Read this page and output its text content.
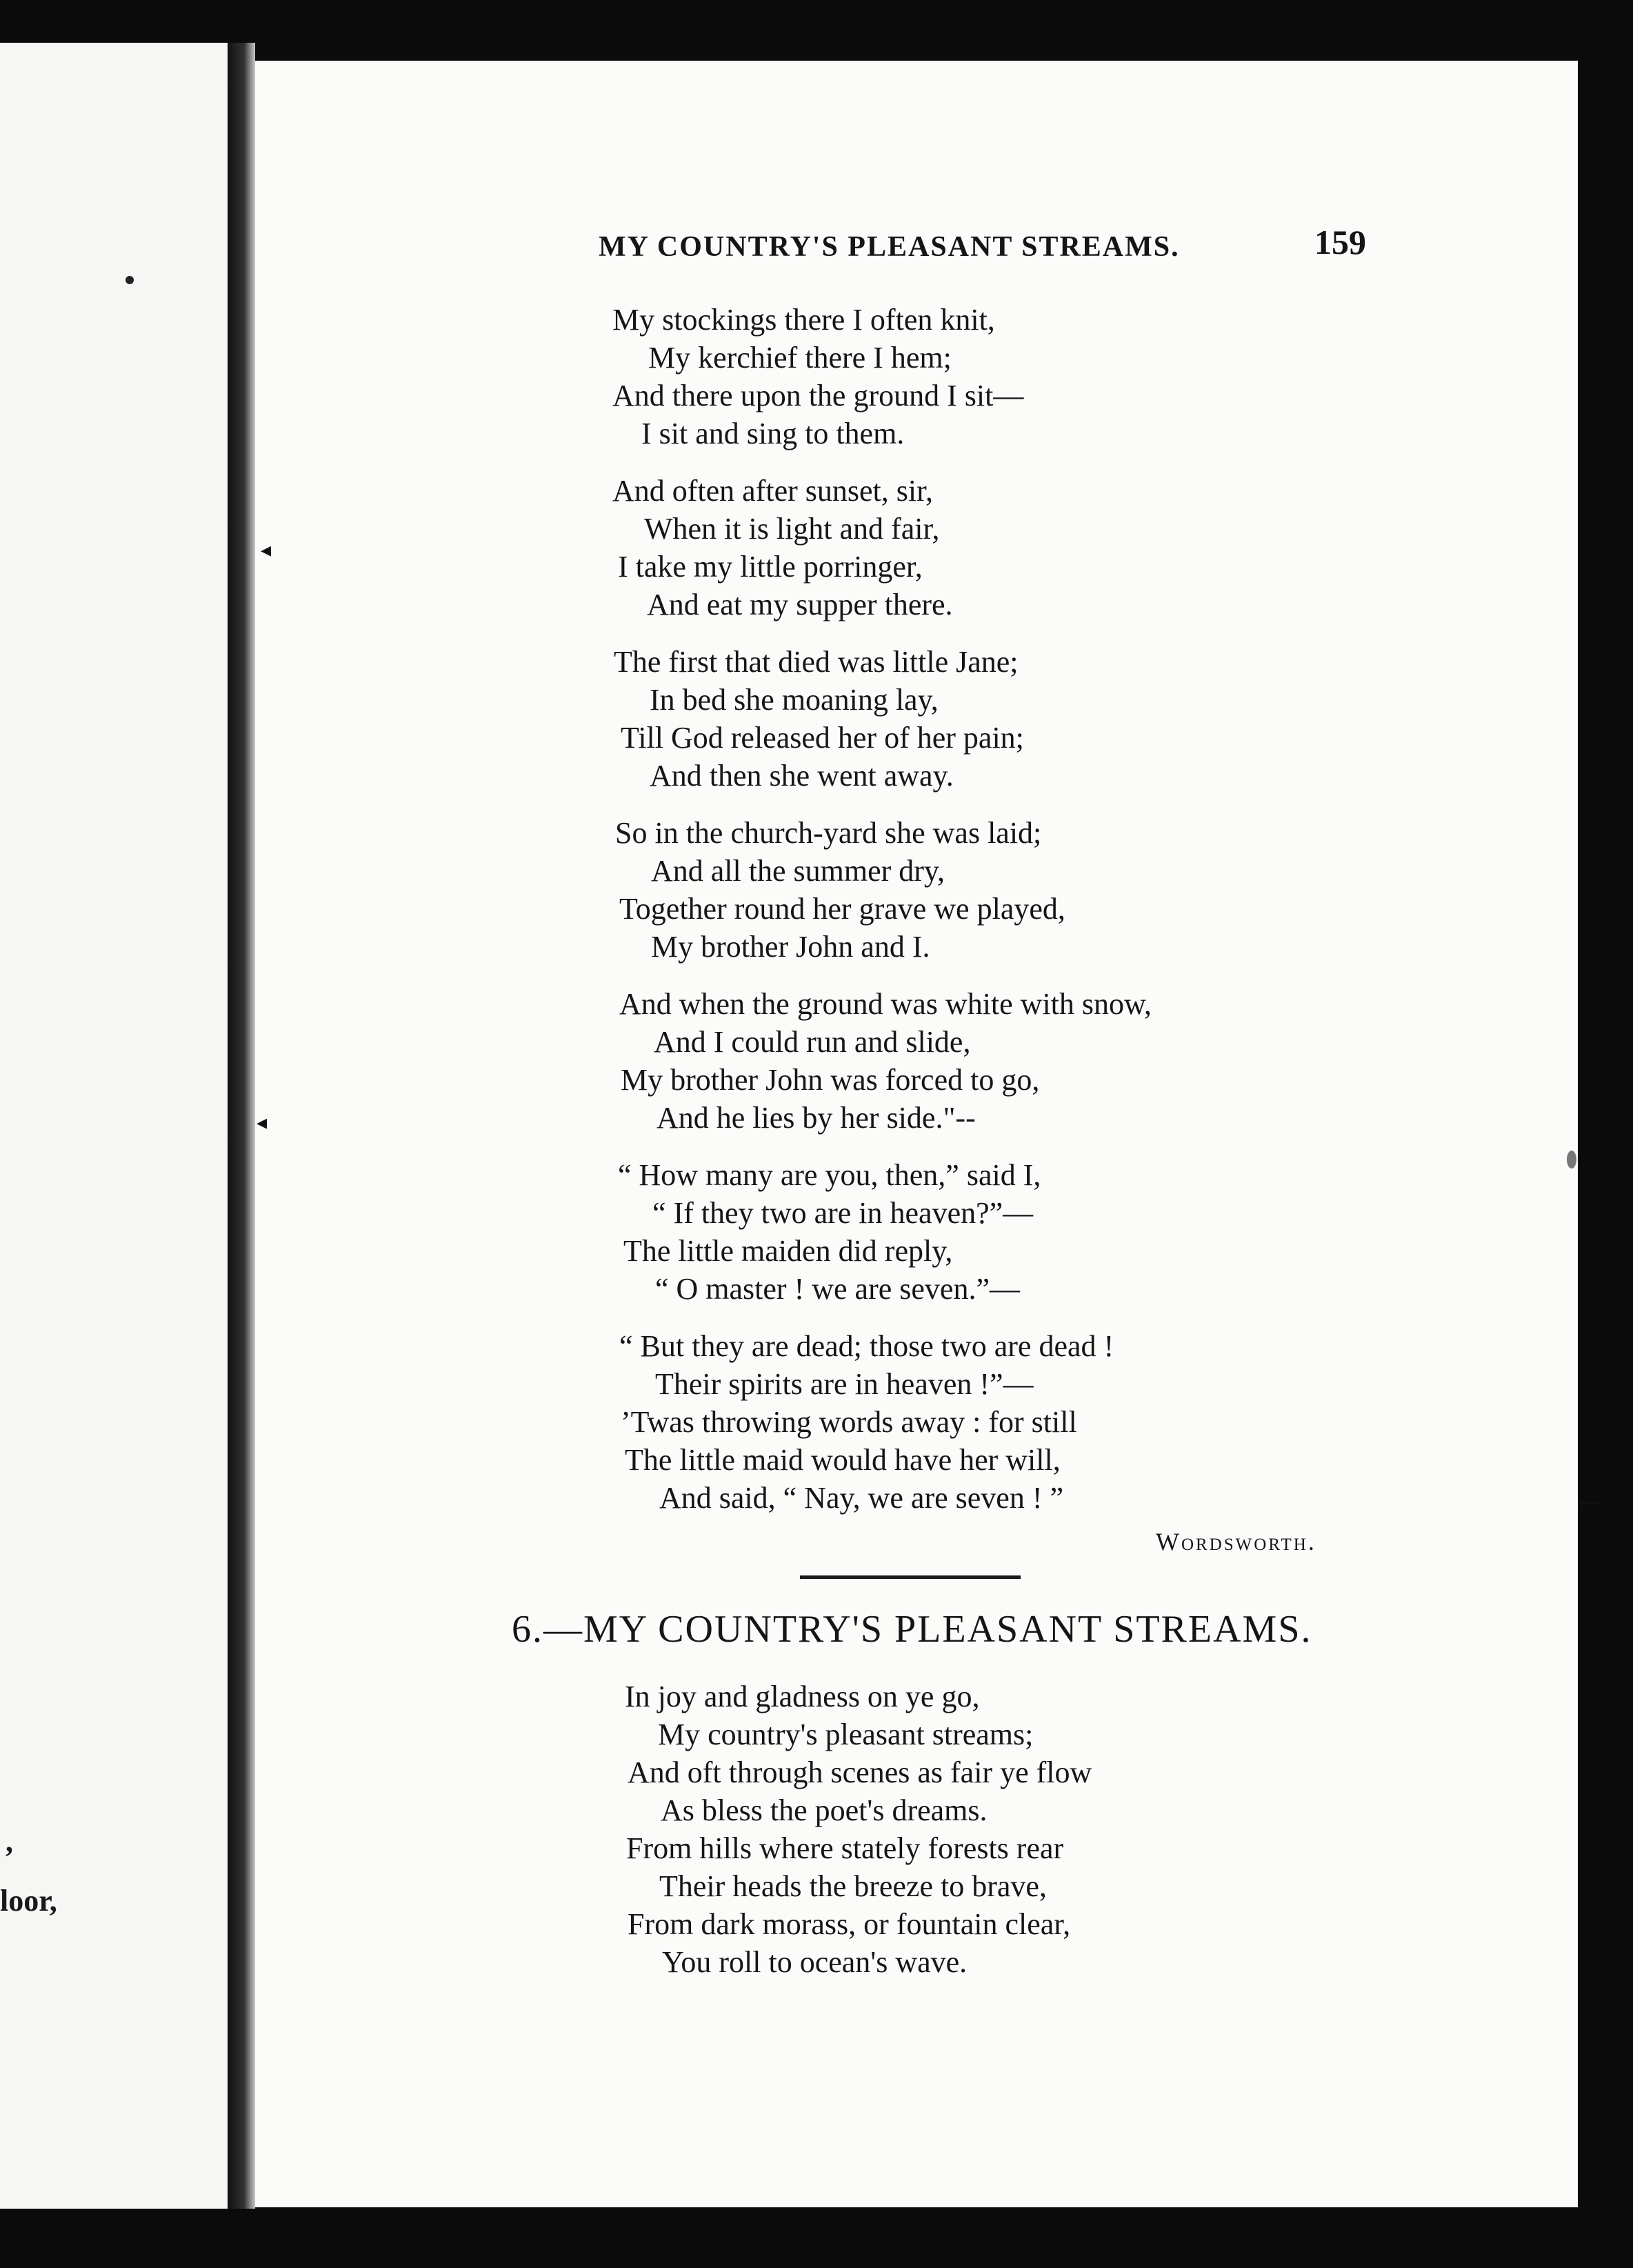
,
loor,
◂
◂
⌐
MY COUNTRY'S PLEASANT STREAMS.	159
My stockings there I often knit,
My kerchief there I hem;
And there upon the ground I sit—
I sit and sing to them.
And often after sunset, sir,
When it is light and fair,
I take my little porringer,
And eat my supper there.
The first that died was little Jane;
In bed she moaning lay,
Till God released her of her pain;
And then she went away.
So in the church-yard she was laid;
And all the summer dry,
Together round her grave we played,
My brother John and I.
And when the ground was white with snow,
And I could run and slide,
My brother John was forced to go,
And he lies by her side."--
“ How many are you, then,” said I,
“ If they two are in heaven?”—
The little maiden did reply,
“ O master ! we are seven.”—
“ But they are dead; those two are dead !
Their spirits are in heaven !”—
’Twas throwing words away : for still
The little maid would have her will,
And said, “ Nay, we are seven ! ”
Wordsworth.
6.—MY COUNTRY'S PLEASANT STREAMS.
In joy and gladness on ye go,
My country's pleasant streams;
And oft through scenes as fair ye flow
As bless the poet's dreams.
From hills where stately forests rear
Their heads the breeze to brave,
From dark morass, or fountain clear,
You roll to ocean's wave.
